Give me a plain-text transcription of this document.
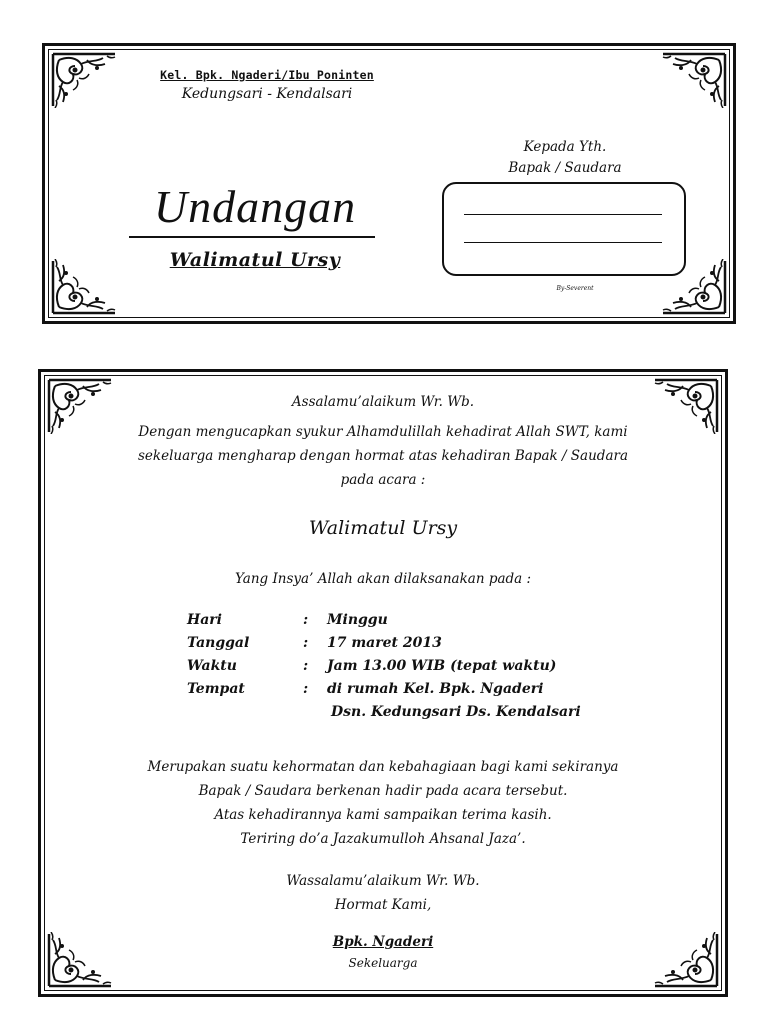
Kel. Bpk. Ngaderi/Ibu Poninten
Kedungsari - Kendalsari
Kepada Yth.
Bapak / Saudara
Undangan
Walimatul Ursy
By-Severent
Assalamu’alaikum Wr. Wb.
Dengan mengucapkan syukur Alhamdulillah kehadirat Allah SWT, kami
sekeluarga mengharap dengan hormat atas kehadiran Bapak / Saudara
pada acara :
Walimatul Ursy
Yang Insya’ Allah akan dilaksanakan pada :
Hari	: Minggu
Tanggal	: 17 maret 2013
Waktu	: Jam 13.00 WIB (tepat waktu)
Tempat	: di rumah Kel. Bpk. Ngaderi
Dsn. Kedungsari Ds. Kendalsari
Merupakan suatu kehormatan dan kebahagiaan bagi kami sekiranya
Bapak / Saudara berkenan hadir pada acara tersebut.
Atas kehadirannya kami sampaikan terima kasih.
Teriring do’a Jazakumulloh Ahsanal Jaza’.
Wassalamu’alaikum Wr. Wb.
Hormat Kami,
Bpk. Ngaderi
Sekeluarga
